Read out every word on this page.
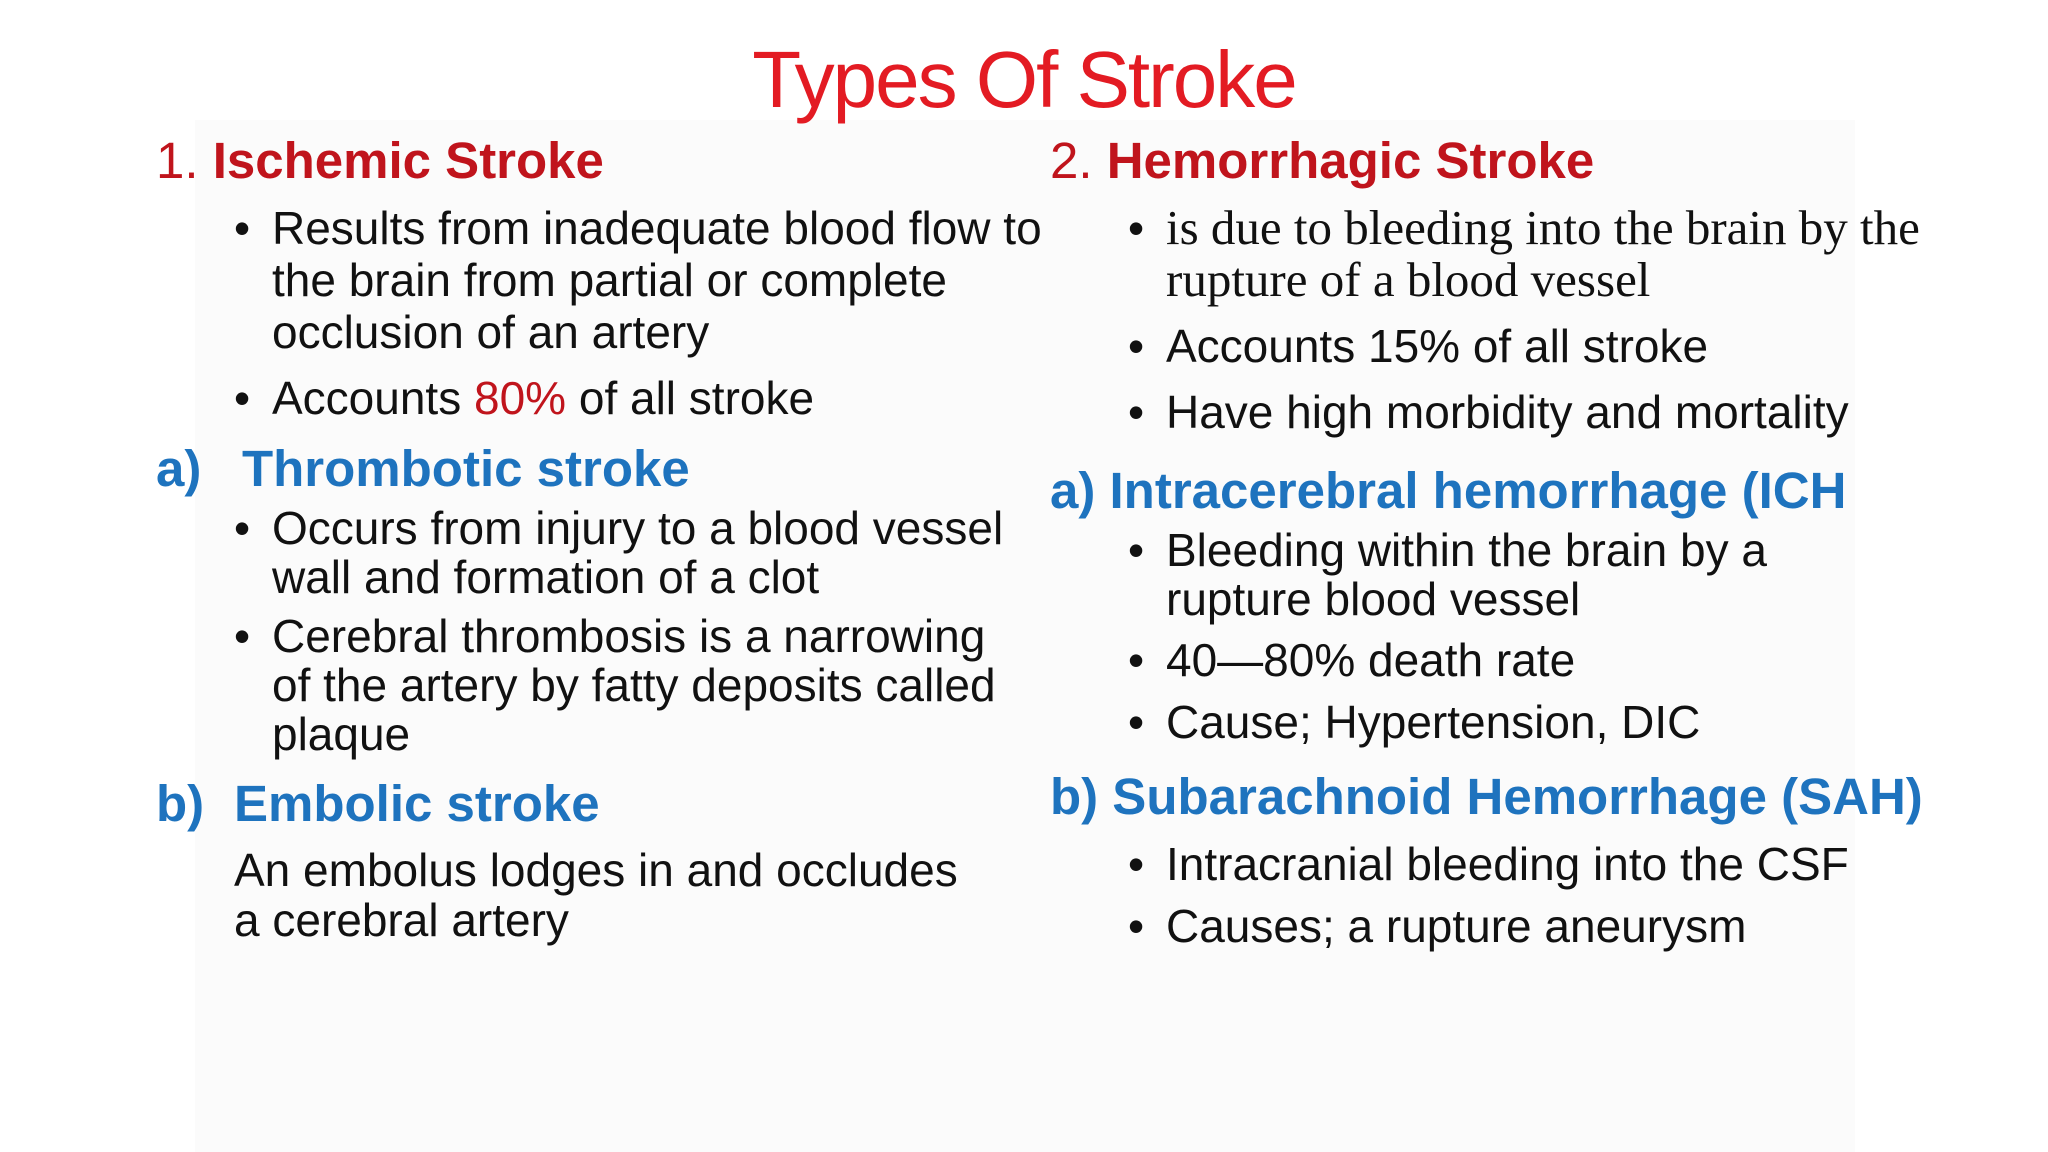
Types Of Stroke

1. Ischemic Stroke

• Results from inadequate blood flow to the brain from partial or complete occlusion of an artery
• Accounts 80% of all stroke

a) Thrombotic stroke

• Occurs from injury to a blood vessel wall and formation of a clot
• Cerebral thrombosis is a narrowing of the artery by fatty deposits called plaque

b) Embolic stroke

An embolus lodges in and occludes a cerebral artery

2. Hemorrhagic Stroke

• is due to bleeding into the brain by the rupture of a blood vessel
• Accounts 15% of all stroke
• Have high morbidity and mortality

a) Intracerebral hemorrhage (ICH

• Bleeding within the brain by a rupture blood vessel
• 40—80% death rate
• Cause; Hypertension, DIC

b) Subarachnoid Hemorrhage (SAH)

• Intracranial bleeding into the CSF
• Causes; a rupture aneurysm
